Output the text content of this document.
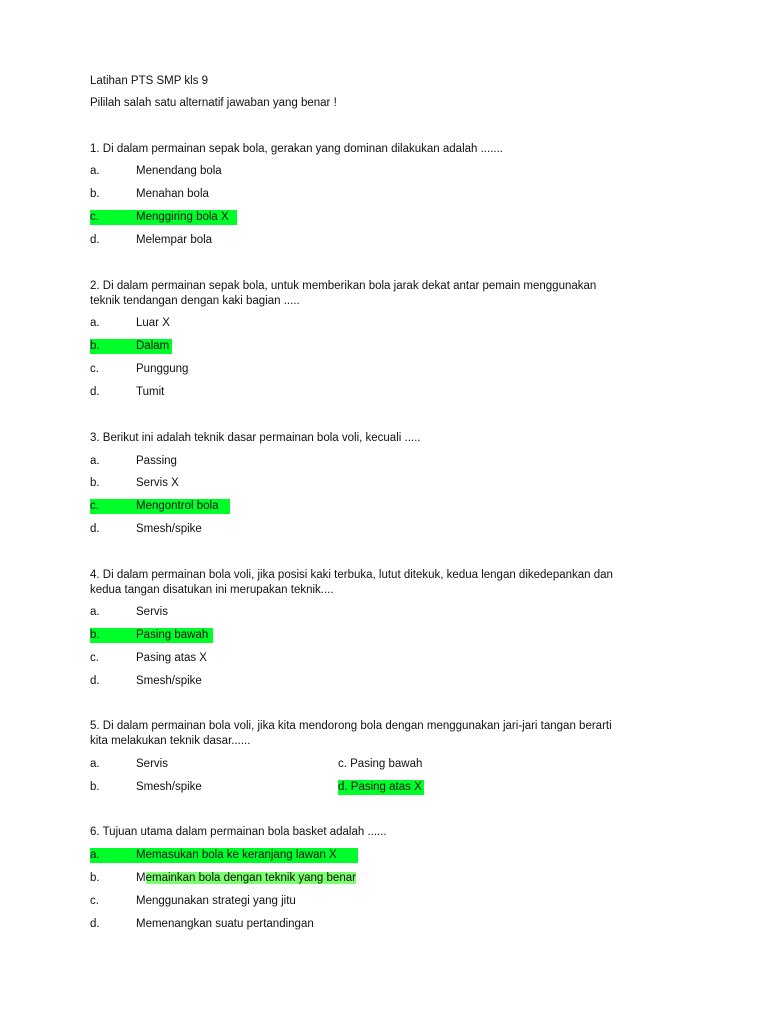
Latihan PTS SMP kls 9
Pililah salah satu alternatif jawaban yang benar !
1. Di dalam permainan sepak bola, gerakan yang dominan dilakukan adalah .......
a.	Menendang bola
b.	Menahan bola
c.	Menggiring bola X
d.	Melempar bola
2. Di dalam permainan sepak bola, untuk memberikan bola jarak dekat antar pemain menggunakan
teknik tendangan dengan kaki bagian .....
a.	Luar X
b.	Dalam
c.	Punggung
d.	Tumit
3. Berikut ini adalah teknik dasar permainan bola voli, kecuali .....
a.	Passing
b.	Servis X
c.	Mengontrol bola
d.	Smesh/spike
4. Di dalam permainan bola voli, jika posisi kaki terbuka, lutut ditekuk, kedua lengan dikedepankan dan
kedua tangan disatukan ini merupakan teknik....
a.	Servis
b.	Pasing bawah
c.	Pasing atas X
d.	Smesh/spike
5. Di dalam permainan bola voli, jika kita mendorong bola dengan menggunakan jari-jari tangan berarti
kita melakukan teknik dasar......
a.	Servis	c. Pasing bawah
b.	Smesh/spike	d. Pasing atas X
6. Tujuan utama dalam permainan bola basket adalah ......
a.	Memasukan bola ke keranjang lawan X
b.	Memainkan bola dengan teknik yang benar
c.	Menggunakan strategi yang jitu
d.	Memenangkan suatu pertandingan
